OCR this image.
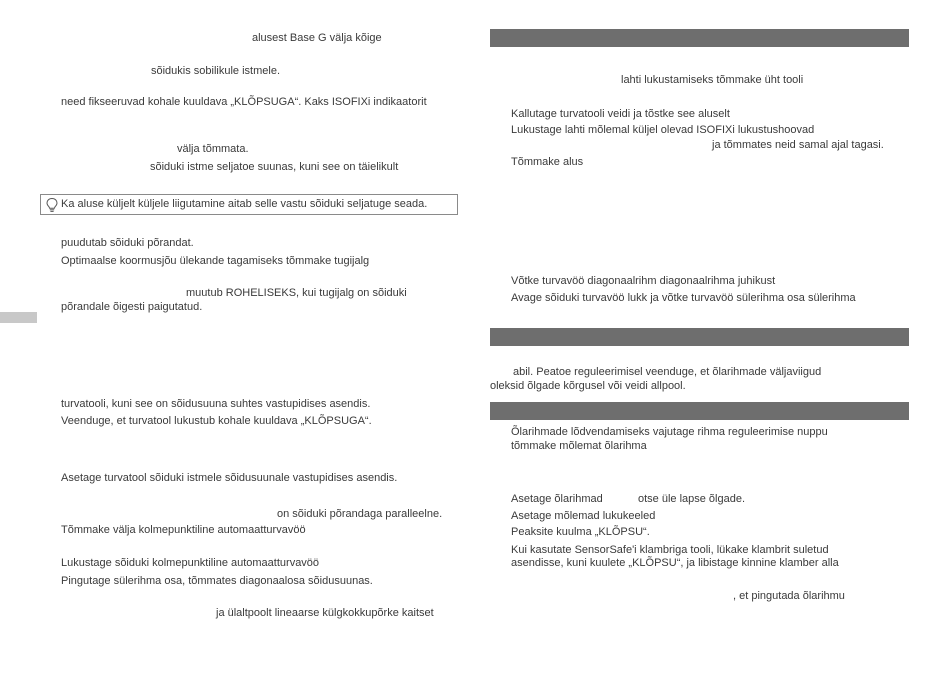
alusest Base G välja kõige
sõidukis sobilikule istmele.
need fikseeruvad kohale kuuldava „KLÕPSUGA“. Kaks ISOFIXi indikaatorit
välja tõmmata.
sõiduki istme seljatoe suunas, kuni see on täielikult
Ka aluse küljelt küljele liigutamine aitab selle vastu sõiduki seljatuge seada.
puudutab sõiduki põrandat.
Optimaalse koormusjõu ülekande tagamiseks tõmmake tugijalg
muutub ROHELISEKS, kui tugijalg on sõiduki
põrandale õigesti paigutatud.
turvatooli, kuni see on sõidusuuna suhtes vastupidises asendis.
Veenduge, et turvatool lukustub kohale kuuldava „KLÕPSUGA“.
Asetage turvatool sõiduki istmele sõidusuunale vastupidises asendis.
on sõiduki põrandaga paralleelne.
Tõmmake välja kolmepunktiline automaatturvavöö
Lukustage sõiduki kolmepunktiline automaatturvavöö
Pingutage sülerihma osa, tõmmates diagonaalosa sõidusuunas.
ja ülaltpoolt lineaarse külgkokkupõrke kaitset
lahti lukustamiseks tõmmake üht tooli
Kallutage turvatooli veidi ja tõstke see aluselt
Lukustage lahti mõlemal küljel olevad ISOFIXi lukustushoovad
ja tõmmates neid samal ajal tagasi.
Tõmmake alus
Võtke turvavöö diagonaalrihm diagonaalrihma juhikust
Avage sõiduki turvavöö lukk ja võtke turvavöö sülerihma osa sülerihma
abil. Peatoe reguleerimisel veenduge, et õlarihmade väljaviigud
oleksid õlgade kõrgusel või veidi allpool.
Õlarihmade lõdvendamiseks vajutage rihma reguleerimise nuppu
tõmmake mõlemat õlarihma
Asetage õlarihmad	otse üle lapse õlgade.
Asetage mõlemad lukukeeled
Peaksite kuulma „KLÕPSU“.
Kui kasutate SensorSafe'i klambriga tooli, lükake klambrit suletud
asendisse, kuni kuulete „KLÕPSU“, ja libistage kinnine klamber alla
, et pingutada õlarihmu
